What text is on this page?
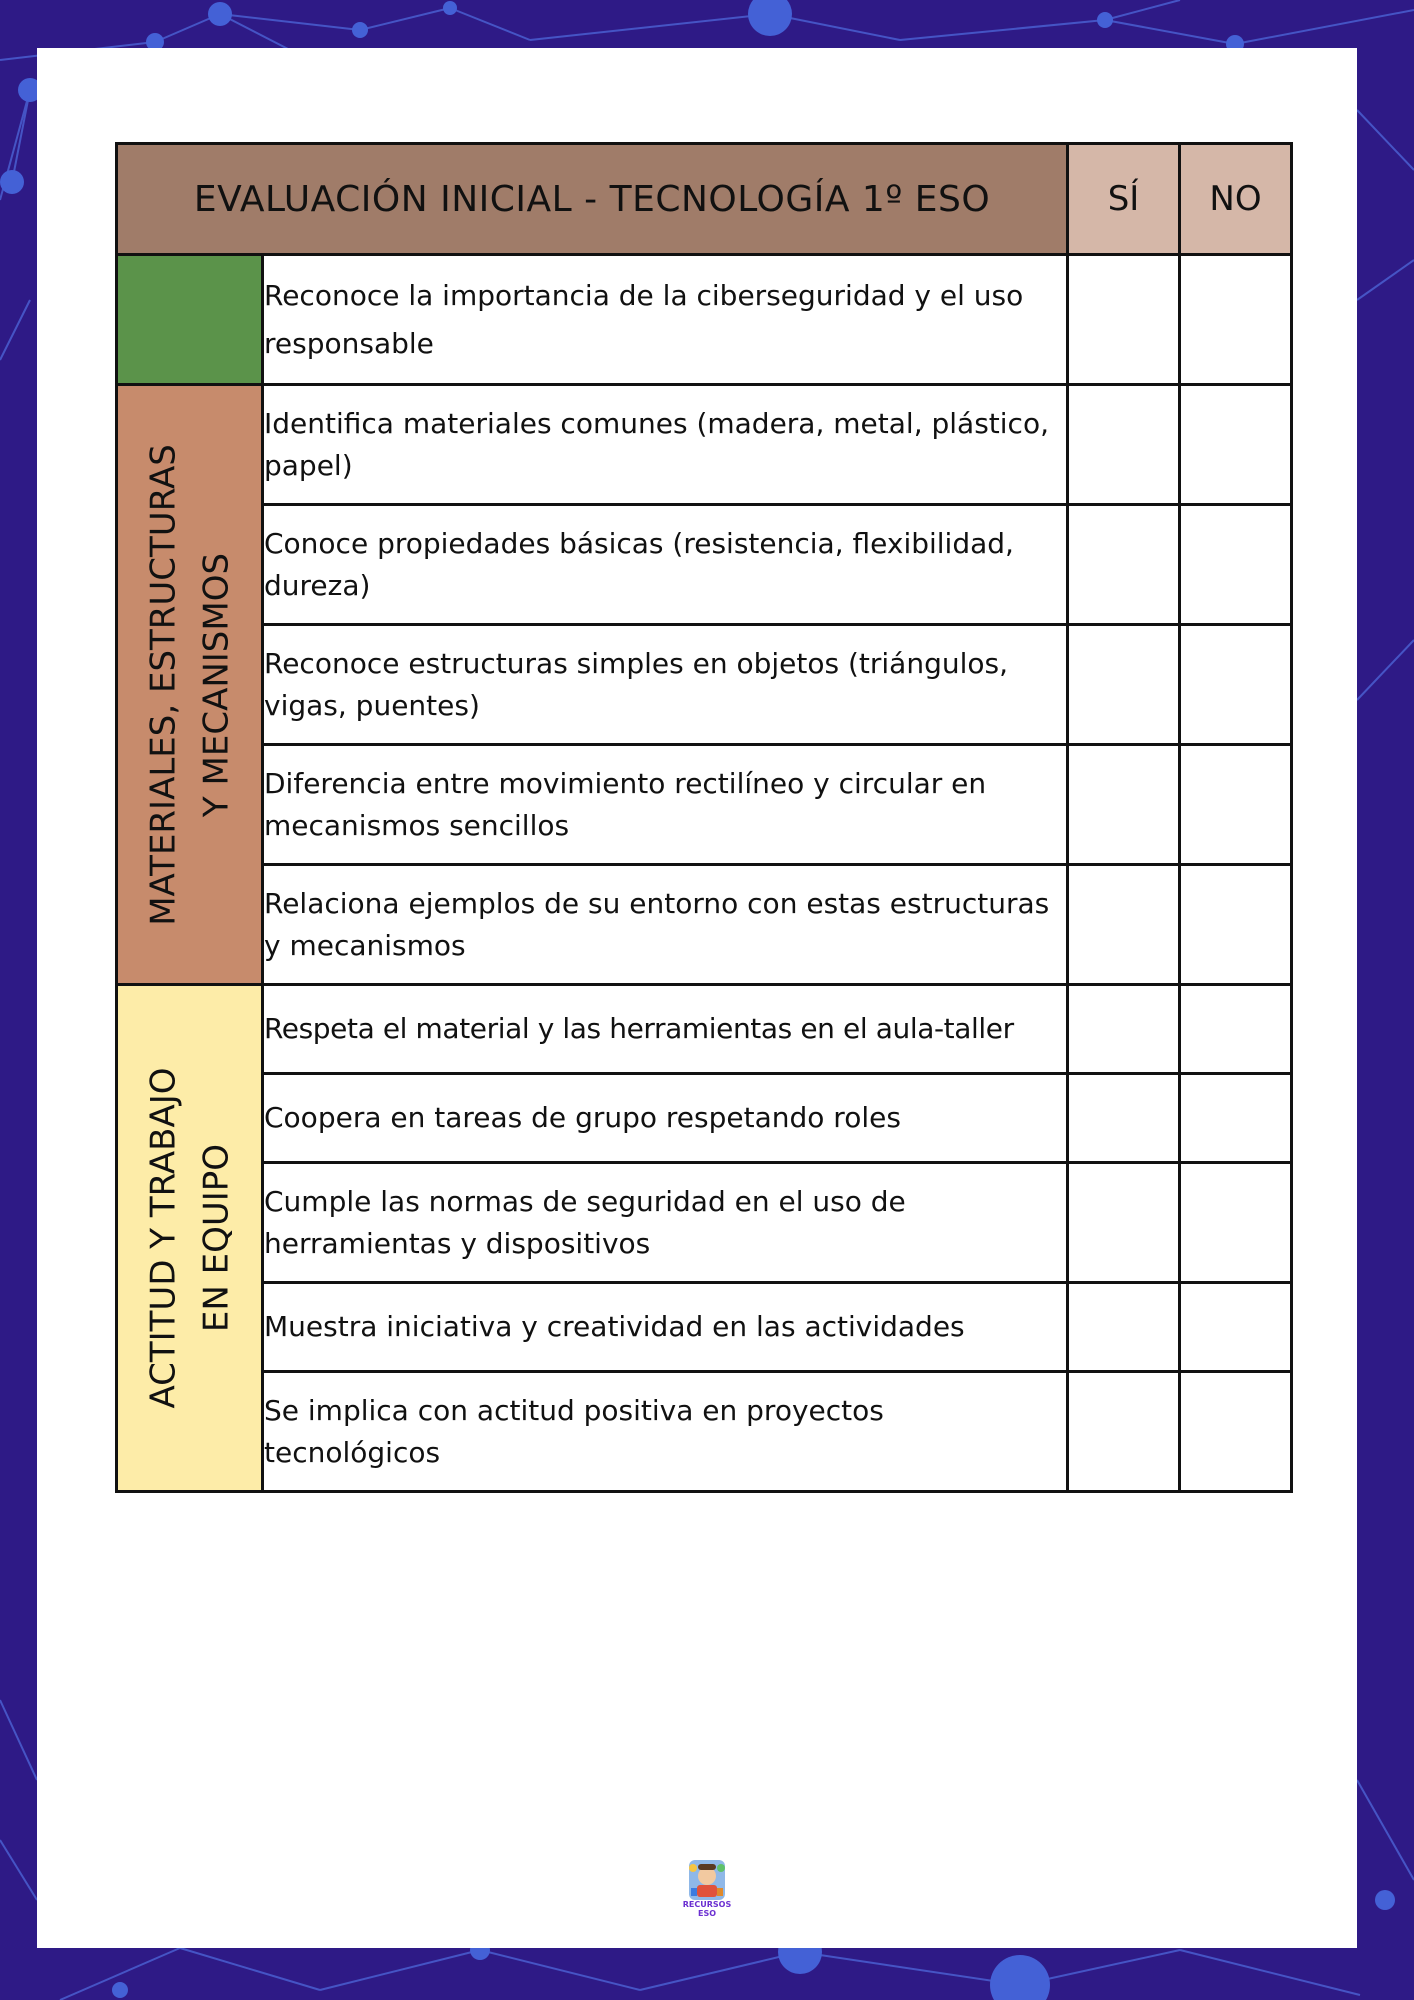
EVALUACIÓN INICIAL - TECNOLOGÍA 1º ESO		SÍ	NO
	Reconoce la importancia de la ciberseguridad y el uso responsable		

MATERIALES, ESTRUCTURAS Y MECANISMOS	Identifica materiales comunes (madera, metal, plástico, papel)		
	Conoce propiedades básicas (resistencia, flexibilidad, dureza)		
	Reconoce estructuras simples en objetos (triángulos, vigas, puentes)		
	Diferencia entre movimiento rectilíneo y circular en mecanismos sencillos		
	Relaciona ejemplos de su entorno con estas estructuras y mecanismos		

ACTITUD Y TRABAJO EN EQUIPO	Respeta el material y las herramientas en el aula-taller		
	Coopera en tareas de grupo respetando roles		
	Cumple las normas de seguridad en el uso de herramientas y dispositivos		
	Muestra iniciativa y creatividad en las actividades		
	Se implica con actitud positiva en proyectos tecnológicos		
RECURSOS
ESO
